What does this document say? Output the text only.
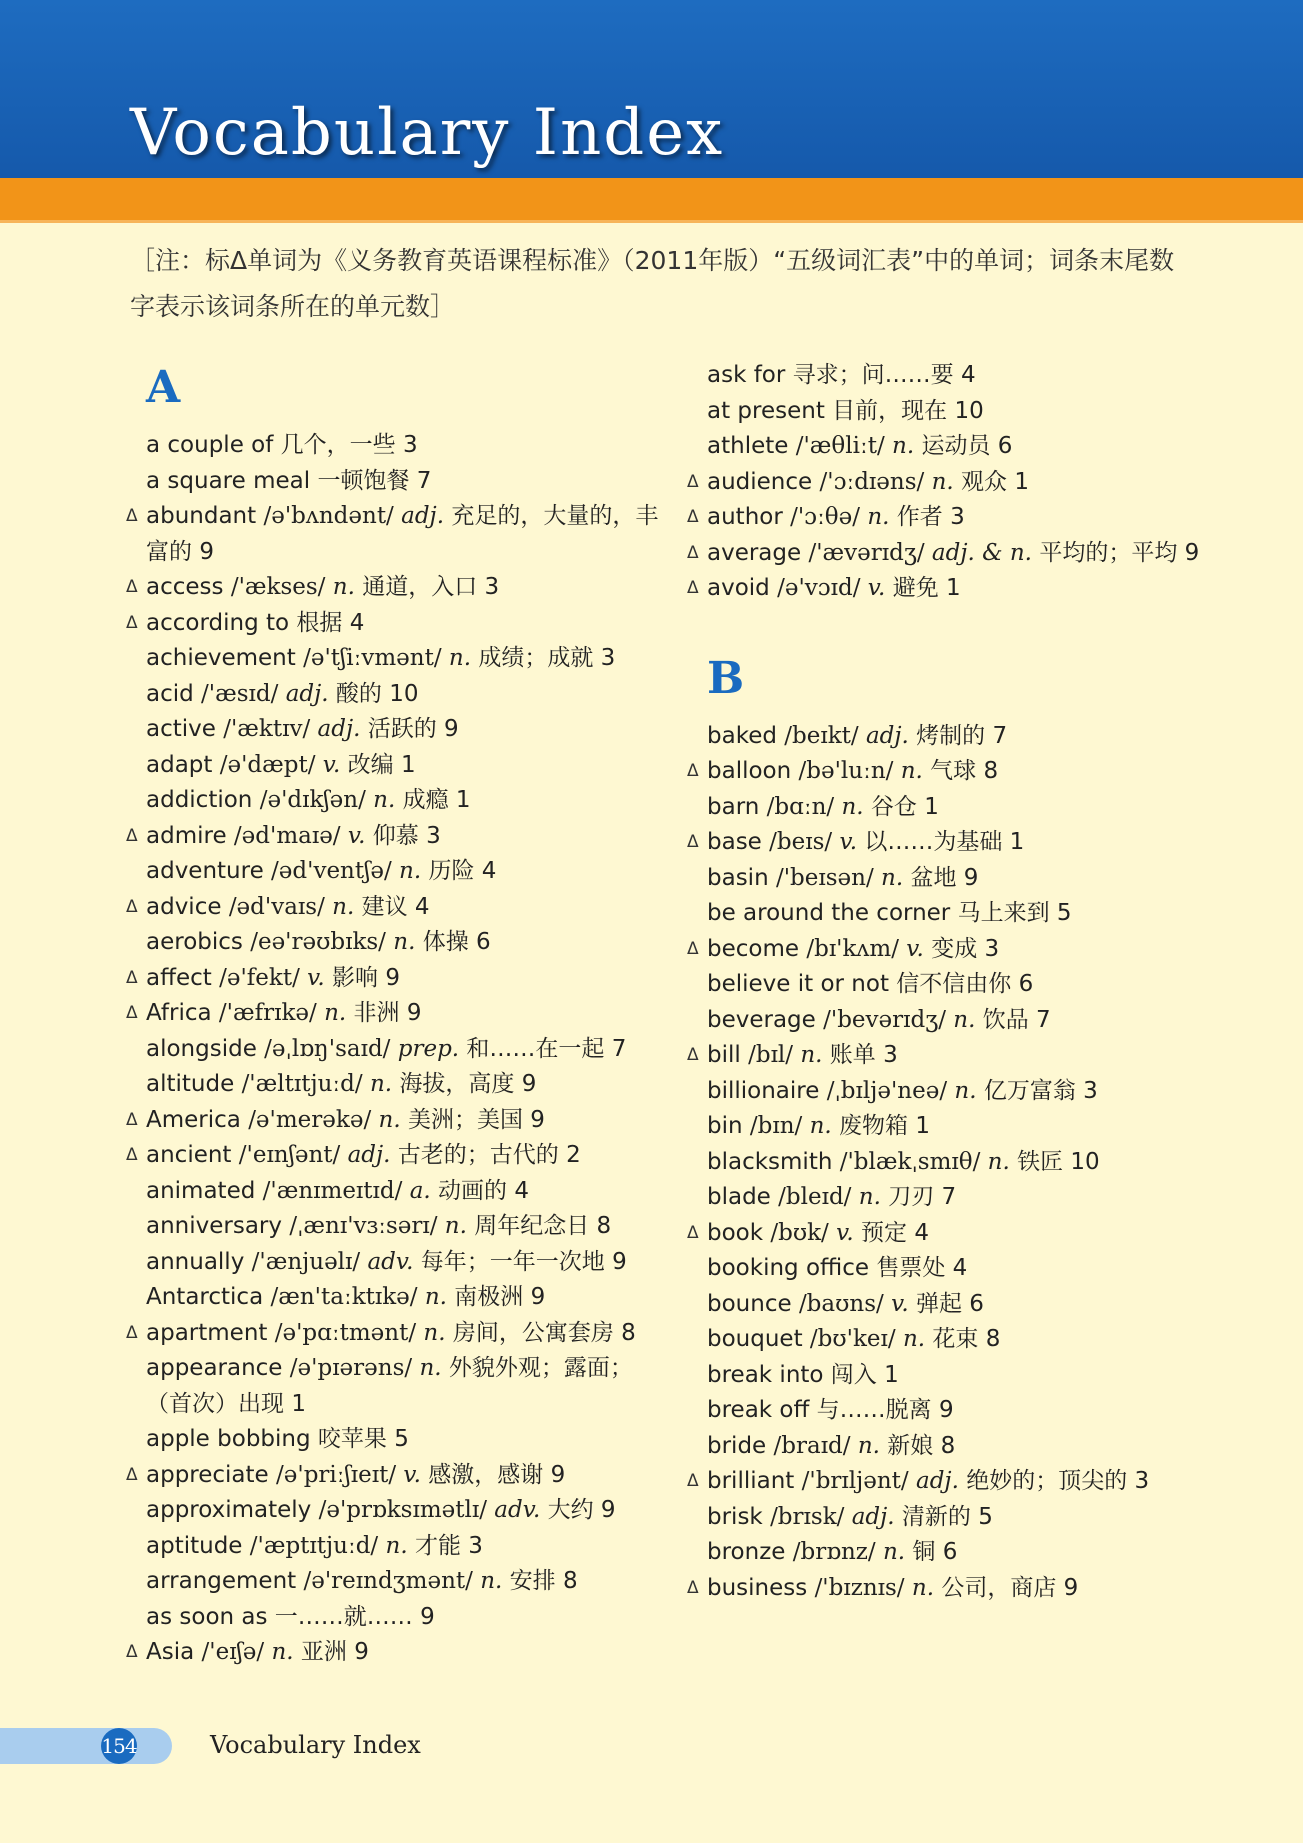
Vocabulary Index

［注：标Δ单词为《义务教育英语课程标准》（2011年版）“五级词汇表”中的单词；词条末尾数字表示该词条所在的单元数］

A
a couple of 几个，一些 3
a square meal 一顿饱餐 7
Δ abundant /ə'bʌndənt/ adj. 充足的，大量的，丰富的 9
Δ access /'ækses/ n. 通道，入口 3
Δ according to 根据 4
achievement /ə'tʃiːvmənt/ n. 成绩；成就 3
acid /'æsɪd/ adj. 酸的 10
active /'æktɪv/ adj. 活跃的 9
adapt /ə'dæpt/ v. 改编 1
addiction /ə'dɪkʃən/ n. 成瘾 1
Δ admire /əd'maɪə/ v. 仰慕 3
adventure /əd'ventʃə/ n. 历险 4
Δ advice /əd'vaɪs/ n. 建议 4
aerobics /eə'rəʊbɪks/ n. 体操 6
Δ affect /ə'fekt/ v. 影响 9
Δ Africa /'æfrɪkə/ n. 非洲 9
alongside /əˌlɒŋ'saɪd/ prep. 和……在一起 7
altitude /'æltɪtjuːd/ n. 海拔，高度 9
Δ America /ə'merəkə/ n. 美洲；美国 9
Δ ancient /'eɪnʃənt/ adj. 古老的；古代的 2
animated /'ænɪmeɪtɪd/ a. 动画的 4
anniversary /ˌænɪ'vɜːsərɪ/ n. 周年纪念日 8
annually /'ænjuəlɪ/ adv. 每年；一年一次地 9
Antarctica /æn'taːktɪkə/ n. 南极洲 9
Δ apartment /ə'pɑːtmənt/ n. 房间，公寓套房 8
appearance /ə'pɪərəns/ n. 外貌外观；露面；（首次）出现 1
apple bobbing 咬苹果 5
Δ appreciate /ə'priːʃɪeɪt/ v. 感激，感谢 9
approximately /ə'prɒksɪmətlɪ/ adv. 大约 9
aptitude /'æptɪtjuːd/ n. 才能 3
arrangement /ə'reɪndʒmənt/ n. 安排 8
as soon as 一……就…… 9
Δ Asia /'eɪʃə/ n. 亚洲 9
ask for 寻求；问……要 4
at present 目前，现在 10
athlete /'æθliːt/ n. 运动员 6
Δ audience /'ɔːdɪəns/ n. 观众 1
Δ author /'ɔːθə/ n. 作者 3
Δ average /'ævərɪdʒ/ adj. & n. 平均的；平均 9
Δ avoid /ə'vɔɪd/ v. 避免 1
B
baked /beɪkt/ adj. 烤制的 7
Δ balloon /bə'luːn/ n. 气球 8
barn /bɑːn/ n. 谷仓 1
Δ base /beɪs/ v. 以……为基础 1
basin /'beɪsən/ n. 盆地 9
be around the corner 马上来到 5
Δ become /bɪ'kʌm/ v. 变成 3
believe it or not 信不信由你 6
beverage /'bevərɪdʒ/ n. 饮品 7
Δ bill /bɪl/ n. 账单 3
billionaire /ˌbɪljə'neə/ n. 亿万富翁 3
bin /bɪn/ n. 废物箱 1
blacksmith /'blækˌsmɪθ/ n. 铁匠 10
blade /bleɪd/ n. 刀刃 7
Δ book /bʊk/ v. 预定 4
booking office 售票处 4
bounce /baʊns/ v. 弹起 6
bouquet /bʊ'keɪ/ n. 花束 8
break into 闯入 1
break off 与……脱离 9
bride /braɪd/ n. 新娘 8
Δ brilliant /'brɪljənt/ adj. 绝妙的；顶尖的 3
brisk /brɪsk/ adj. 清新的 5
bronze /brɒnz/ n. 铜 6
Δ business /'bɪznɪs/ n. 公司，商店 9
154	Vocabulary Index
